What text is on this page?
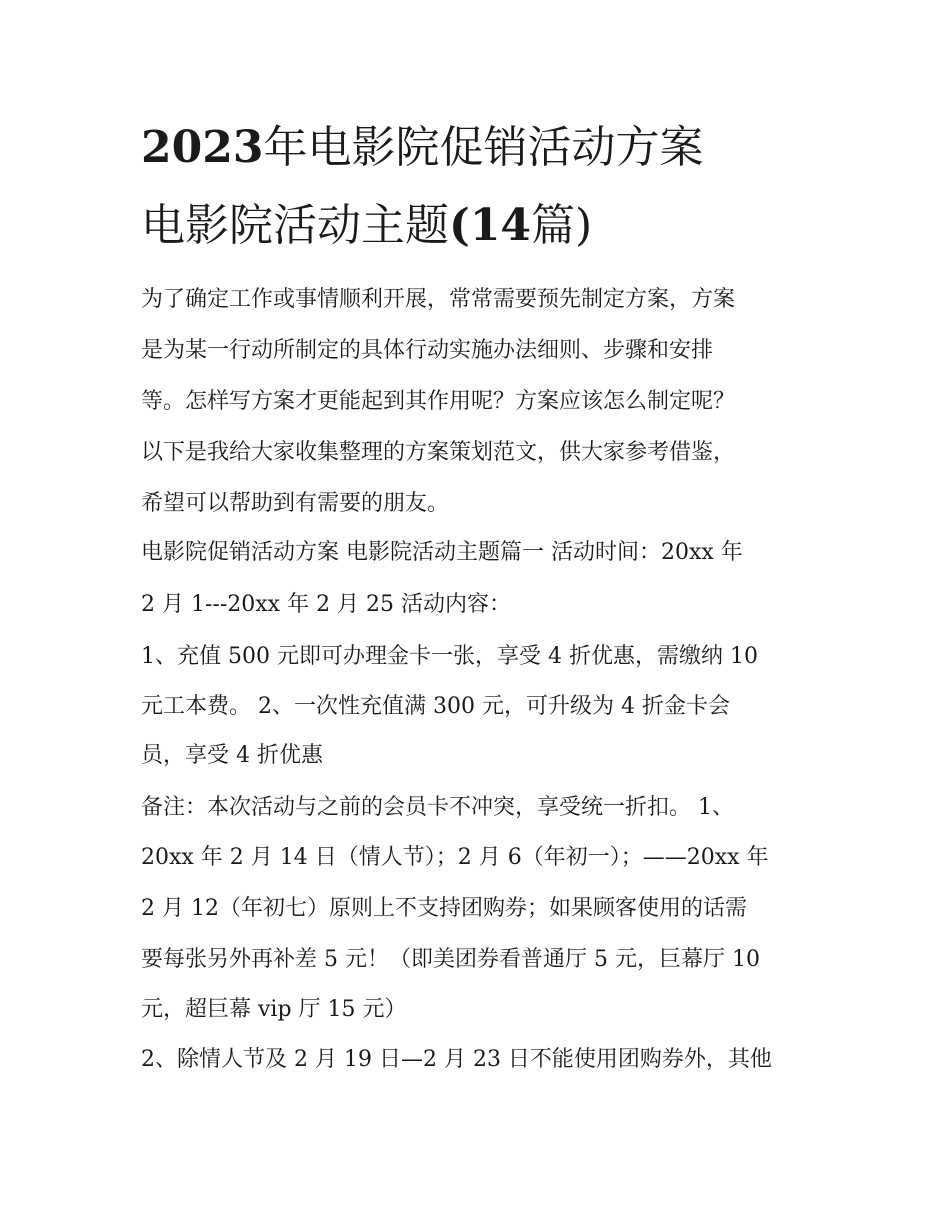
2023年电影院促销活动方案
电影院活动主题(14篇)

为了确定工作或事情顺利开展，常常需要预先制定方案，方案

是为某一行动所制定的具体行动实施办法细则、步骤和安排

等。怎样写方案才更能起到其作用呢？方案应该怎么制定呢？

以下是我给大家收集整理的方案策划范文，供大家参考借鉴，

希望可以帮助到有需要的朋友。

电影院促销活动方案 电影院活动主题篇一 活动时间：20xx 年

2 月 1---20xx 年 2 月 25 活动内容：

1、充值 500 元即可办理金卡一张，享受 4 折优惠，需缴纳 10

元工本费。 2、一次性充值满 300 元，可升级为 4 折金卡会

员，享受 4 折优惠

备注：本次活动与之前的会员卡不冲突，享受统一折扣。 1、

20xx 年 2 月 14 日（情人节）；2 月 6（年初一）；——20xx 年

2 月 12（年初七）原则上不支持团购券；如果顾客使用的话需

要每张另外再补差 5 元！（即美团券看普通厅 5 元，巨幕厅 10

元，超巨幕 vip 厅 15 元）

2、除情人节及 2 月 19 日—2 月 23 日不能使用团购券外，其他
